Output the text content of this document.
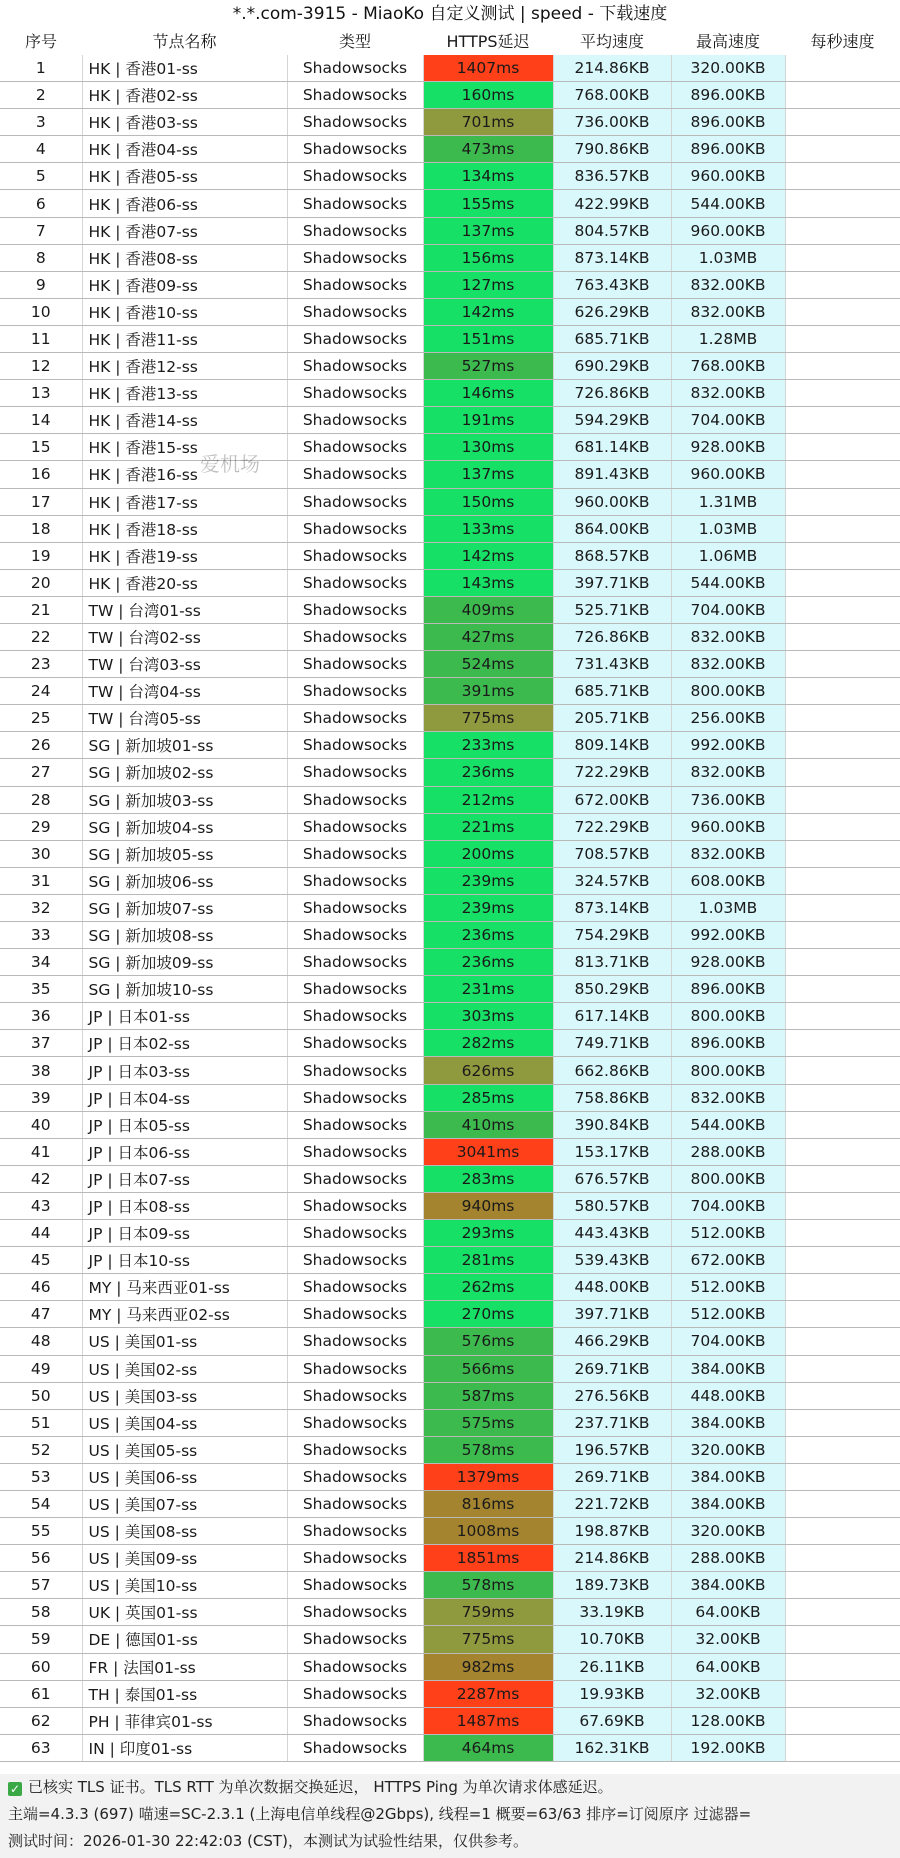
*.*.com-3915 - MiaoKo 自定义测试 | speed - 下载速度
序号	节点名称	类型	HTTPS延迟	平均速度	最高速度	每秒速度
1	HK | 香港01-ss	Shadowsocks	1407ms	214.86KB	320.00KB	
2	HK | 香港02-ss	Shadowsocks	160ms	768.00KB	896.00KB	
3	HK | 香港03-ss	Shadowsocks	701ms	736.00KB	896.00KB	
4	HK | 香港04-ss	Shadowsocks	473ms	790.86KB	896.00KB	
5	HK | 香港05-ss	Shadowsocks	134ms	836.57KB	960.00KB	
6	HK | 香港06-ss	Shadowsocks	155ms	422.99KB	544.00KB	
7	HK | 香港07-ss	Shadowsocks	137ms	804.57KB	960.00KB	
8	HK | 香港08-ss	Shadowsocks	156ms	873.14KB	1.03MB	
9	HK | 香港09-ss	Shadowsocks	127ms	763.43KB	832.00KB	
10	HK | 香港10-ss	Shadowsocks	142ms	626.29KB	832.00KB	
11	HK | 香港11-ss	Shadowsocks	151ms	685.71KB	1.28MB	
12	HK | 香港12-ss	Shadowsocks	527ms	690.29KB	768.00KB	
13	HK | 香港13-ss	Shadowsocks	146ms	726.86KB	832.00KB	
14	HK | 香港14-ss	Shadowsocks	191ms	594.29KB	704.00KB	
15	HK | 香港15-ss	Shadowsocks	130ms	681.14KB	928.00KB	
16	HK | 香港16-ss	Shadowsocks	137ms	891.43KB	960.00KB	
17	HK | 香港17-ss	Shadowsocks	150ms	960.00KB	1.31MB	
18	HK | 香港18-ss	Shadowsocks	133ms	864.00KB	1.03MB	
19	HK | 香港19-ss	Shadowsocks	142ms	868.57KB	1.06MB	
20	HK | 香港20-ss	Shadowsocks	143ms	397.71KB	544.00KB	
21	TW | 台湾01-ss	Shadowsocks	409ms	525.71KB	704.00KB	
22	TW | 台湾02-ss	Shadowsocks	427ms	726.86KB	832.00KB	
23	TW | 台湾03-ss	Shadowsocks	524ms	731.43KB	832.00KB	
24	TW | 台湾04-ss	Shadowsocks	391ms	685.71KB	800.00KB	
25	TW | 台湾05-ss	Shadowsocks	775ms	205.71KB	256.00KB	
26	SG | 新加坡01-ss	Shadowsocks	233ms	809.14KB	992.00KB	
27	SG | 新加坡02-ss	Shadowsocks	236ms	722.29KB	832.00KB	
28	SG | 新加坡03-ss	Shadowsocks	212ms	672.00KB	736.00KB	
29	SG | 新加坡04-ss	Shadowsocks	221ms	722.29KB	960.00KB	
30	SG | 新加坡05-ss	Shadowsocks	200ms	708.57KB	832.00KB	
31	SG | 新加坡06-ss	Shadowsocks	239ms	324.57KB	608.00KB	
32	SG | 新加坡07-ss	Shadowsocks	239ms	873.14KB	1.03MB	
33	SG | 新加坡08-ss	Shadowsocks	236ms	754.29KB	992.00KB	
34	SG | 新加坡09-ss	Shadowsocks	236ms	813.71KB	928.00KB	
35	SG | 新加坡10-ss	Shadowsocks	231ms	850.29KB	896.00KB	
36	JP | 日本01-ss	Shadowsocks	303ms	617.14KB	800.00KB	
37	JP | 日本02-ss	Shadowsocks	282ms	749.71KB	896.00KB	
38	JP | 日本03-ss	Shadowsocks	626ms	662.86KB	800.00KB	
39	JP | 日本04-ss	Shadowsocks	285ms	758.86KB	832.00KB	
40	JP | 日本05-ss	Shadowsocks	410ms	390.84KB	544.00KB	
41	JP | 日本06-ss	Shadowsocks	3041ms	153.17KB	288.00KB	
42	JP | 日本07-ss	Shadowsocks	283ms	676.57KB	800.00KB	
43	JP | 日本08-ss	Shadowsocks	940ms	580.57KB	704.00KB	
44	JP | 日本09-ss	Shadowsocks	293ms	443.43KB	512.00KB	
45	JP | 日本10-ss	Shadowsocks	281ms	539.43KB	672.00KB	
46	MY | 马来西亚01-ss	Shadowsocks	262ms	448.00KB	512.00KB	
47	MY | 马来西亚02-ss	Shadowsocks	270ms	397.71KB	512.00KB	
48	US | 美国01-ss	Shadowsocks	576ms	466.29KB	704.00KB	
49	US | 美国02-ss	Shadowsocks	566ms	269.71KB	384.00KB	
50	US | 美国03-ss	Shadowsocks	587ms	276.56KB	448.00KB	
51	US | 美国04-ss	Shadowsocks	575ms	237.71KB	384.00KB	
52	US | 美国05-ss	Shadowsocks	578ms	196.57KB	320.00KB	
53	US | 美国06-ss	Shadowsocks	1379ms	269.71KB	384.00KB	
54	US | 美国07-ss	Shadowsocks	816ms	221.72KB	384.00KB	
55	US | 美国08-ss	Shadowsocks	1008ms	198.87KB	320.00KB	
56	US | 美国09-ss	Shadowsocks	1851ms	214.86KB	288.00KB	
57	US | 美国10-ss	Shadowsocks	578ms	189.73KB	384.00KB	
58	UK | 英国01-ss	Shadowsocks	759ms	33.19KB	64.00KB	
59	DE | 德国01-ss	Shadowsocks	775ms	10.70KB	32.00KB	
60	FR | 法国01-ss	Shadowsocks	982ms	26.11KB	64.00KB	
61	TH | 泰国01-ss	Shadowsocks	2287ms	19.93KB	32.00KB	
62	PH | 菲律宾01-ss	Shadowsocks	1487ms	67.69KB	128.00KB	
63	IN | 印度01-ss	Shadowsocks	464ms	162.31KB	192.00KB	
爱机场
✓ 已核实 TLS 证书。TLS RTT 为单次数据交换延迟， HTTPS Ping 为单次请求体感延迟。
主端=4.3.3 (697) 喵速=SC-2.3.1 (上海电信单线程@2Gbps), 线程=1 概要=63/63 排序=订阅原序 过滤器=
测试时间：2026-01-30 22:42:03 (CST)，本测试为试验性结果，仅供参考。
